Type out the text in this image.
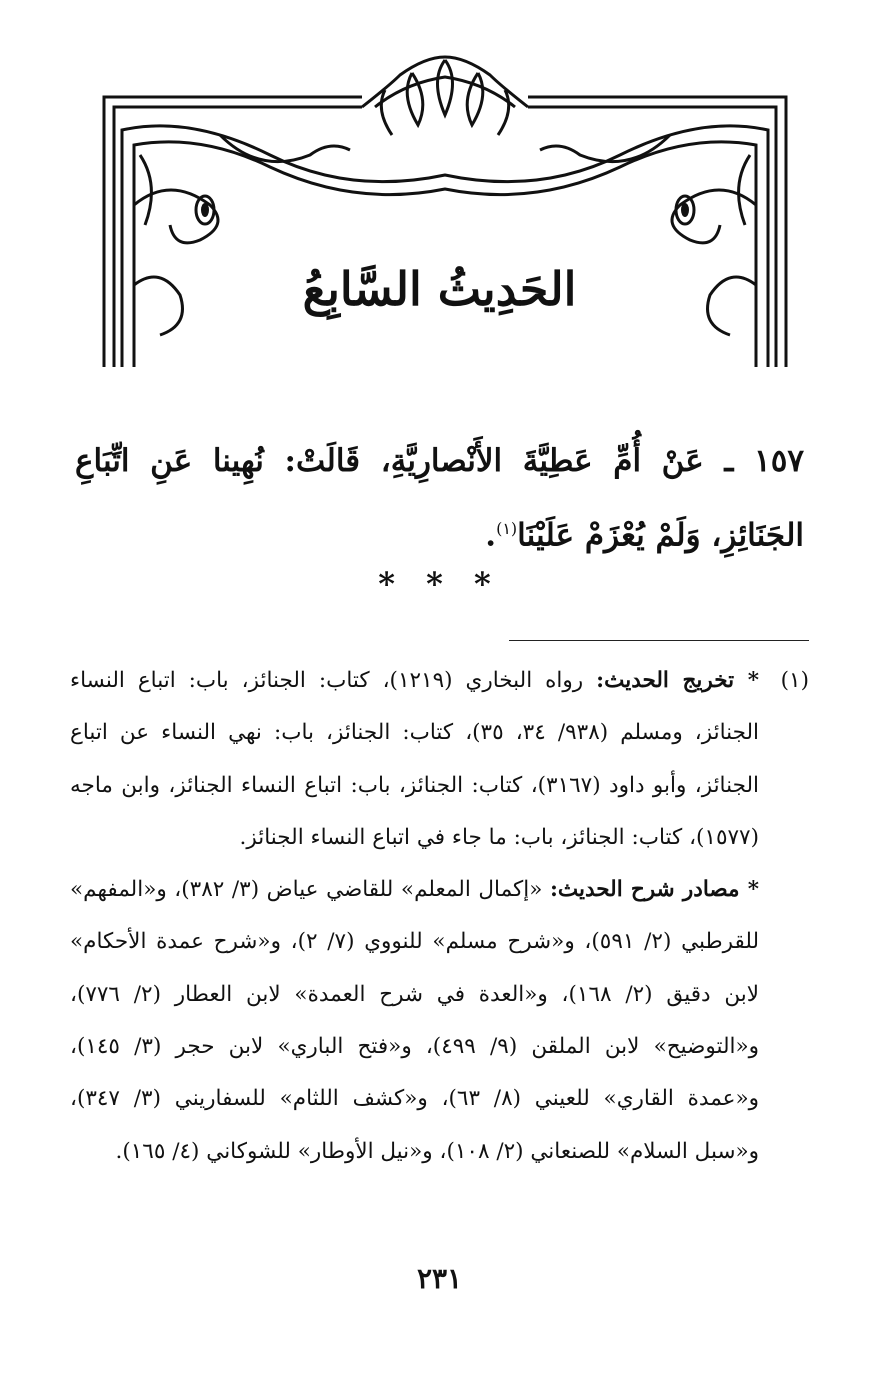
الحَدِيثُ السَّابِعُ
١٥٧ ـ عَنْ أُمِّ عَطِيَّةَ الأَنْصارِيَّةِ، قَالَتْ: نُهِينا عَنِ اتِّبَاعِ الجَنَائِزِ، وَلَمْ يُعْزَمْ عَلَيْنَا$^{(١)}$.
* * *
(١)

* تخريج الحديث: رواه البخاري (١٢١٩)، كتاب: الجنائز، باب: اتباع النساء الجنائز، ومسلم (٩٣٨/ ٣٤، ٣٥)، كتاب: الجنائز، باب: نهي النساء عن اتباع الجنائز، وأبو داود (٣١٦٧)، كتاب: الجنائز، باب: اتباع النساء الجنائز، وابن ماجه (١٥٧٧)، كتاب: الجنائز، باب: ما جاء في اتباع النساء الجنائز.

* مصادر شرح الحديث: «إكمال المعلم» للقاضي عياض (٣/ ٣٨٢)، و«المفهم» للقرطبي (٢/ ٥٩١)، و«شرح مسلم» للنووي (٧/ ٢)، و«شرح عمدة الأحكام» لابن دقيق (٢/ ١٦٨)، و«العدة في شرح العمدة» لابن العطار (٢/ ٧٧٦)، و«التوضيح» لابن الملقن (٩/ ٤٩٩)، و«فتح الباري» لابن حجر (٣/ ١٤٥)، و«عمدة القاري» للعيني (٨/ ٦٣)، و«كشف اللثام» للسفاريني (٣/ ٣٤٧)، و«سبل السلام» للصنعاني (٢/ ١٠٨)، و«نيل الأوطار» للشوكاني (٤/ ١٦٥).

٢٣١
